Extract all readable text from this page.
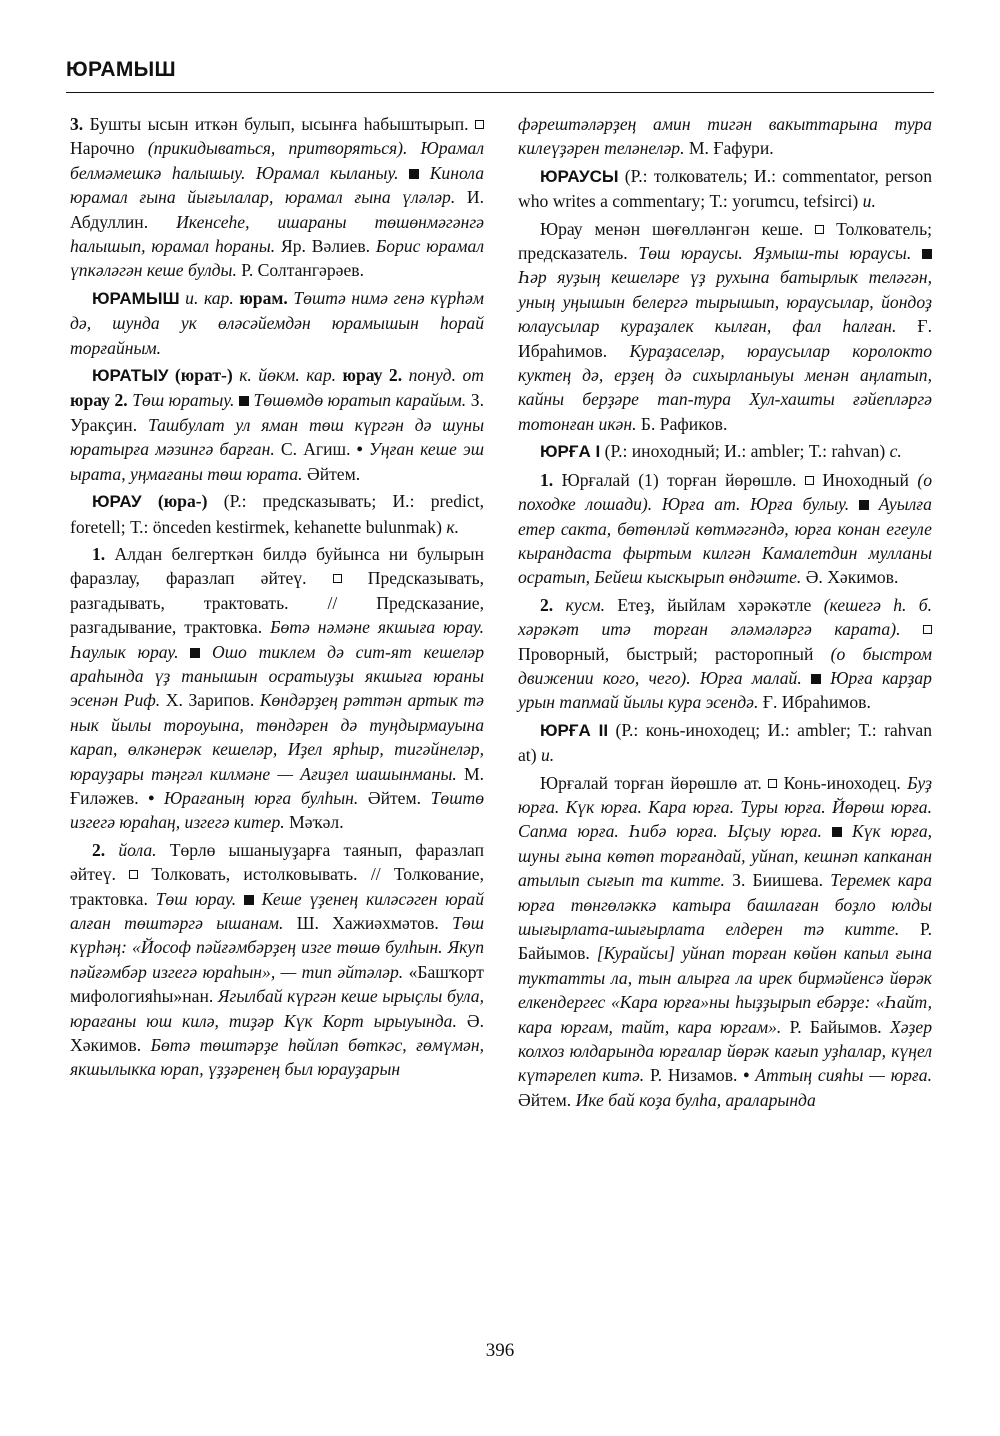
ЮРАМЫШ

3. Бушты ысын иткән булып, ысынға һабыштырып.  Нарочно (прикидываться, притворяться). Юрамал белмәмешкә һалышыу. Юрамал кыланыу. Кинола юрамал ғына йығылалар, юрамал ғына үләләр. И. Абдуллин. Икенсеһе, ишараны төшөнмәгәнгә һалышып, юрамал һораны. Яр. Вәлиев. Борис юрамал үпкәләгән кеше булды. Р. Солтангәрәев.

ЮРАМЫШ и. кар. юрам. Төштә нимә генә күрһәм дә, шунда ук өләсәйемдән юрамышын һорай торғайным.

ЮРАТЫУ (юрат-) к. йөкм. кар. юрау 2. понуд. от юрау 2. Төш юратыу. Төшөмдө юратып карайым. З. Уракҫин. Ташбулат ул яман төш күргән дә шуны юратырға мәзингә барған. С. Агиш. • Уңған кеше эш ырата, уңмағаны төш юрата. Әйтем.

ЮРАУ (юра-) (Р.: предсказывать; И.: predict, foretell; Т.: önceden kestirmek, kehanette bulunmak) к.

1. Алдан белгерткән билдә буйынса ни булырын фаразлау, фаразлап әйтеү.  Предсказывать, разгадывать, трактовать. // Предсказание, разгадывание, трактовка. Бөтә нәмәне якшыға юрау. Һаулык юрау. Ошо тиклем дә сит-ят кешеләр араһында үҙ танышын осратыуҙы якшыға юраны эсенән Риф. Х. Зарипов. Көндәрҙең рәттән артык тә нык йылы тороуына, төндәрен дә туңдырмауына карап, өлкәнерәк кешеләр, Иҙел ярһыр, тигәйнеләр, юрауҙары тәңгәл килмәне — Ағиҙел шашынманы. М. Ғиләжев. • Юрағаның юрға булһын. Әйтем. Төштө изгегә юраһаң, изгегә китер. Мәҡәл.

2. йола. Төрлө ышаныуҙарға таянып, фаразлап әйтеү.  Толковать, истолковывать. // Толкование, трактовка. Төш юрау. Кеше үҙенең киләсәген юрай алған төштәргә ышанам. Ш. Хажиәхмәтов. Төш күрһәң: «Йософ пәйғәмбәрҙең изге төшө булһын. Якуп пәйғәмбәр изгегә юраһын», — тип әйтәләр. «Башҡорт мифологияһы»нан. Ягылбай күргән кеше ырыҫлы була, юрағаны юш килә, тиҙәр Күк Корт ырыуында. Ә. Хәкимов. Бөтә төштәрҙе һөйләп бөткәс, ғөмүмән, якшылыкка юрап, үҙҙәренең был юрауҙарын

фәрештәләрҙең амин тигән вакыттарына тура килеүҙәрен теләнеләр. М. Ғафури.

ЮРАУСЫ (Р.: толкователь; И.: commentator, person who writes a commentary; Т.: yorumcu, tefsirci) и.

Юрау менән шөғөлләнгән кеше.  Толкователь; предсказатель. Төш юраусы. Яҙмыш-ты юраусы.  Һәр яуҙың кешеләре үҙ рухына батырлык теләгән, уның уңышын белергә тырышып, юраусылар, йондоҙ юлаусылар кураҙалек кылған, фал һалған. Ғ. Ибраһимов. Кураҙаселәр, юраусылар королокто куктең дә, ерҙең дә сихырланыуы менән аңлатып, кайны берҙәре тап-тура Хул-хашты ғәйепләргә тотонған икән. Б. Рафиков.

ЮРҒА I (Р.: иноходный; И.: ambler; Т.: rahvan) с.

1. Юрғалай (1) торған йөрөшлө.  Иноходный (о походке лошади). Юрға ат. Юрға булыу. Ауылға етер сакта, бөтөнләй көтмәгәндә, юрға конан егеуле кырандаста фыртым килгән Камалетдин мулланы осратып, Бейеш кыскырып өндәште. Ә. Хәкимов.

2. кусм. Етеҙ, йыйлам хәрәкәтле (кешегә һ. б. хәрәкәт итә торған әләмәләргә карата).  Проворный, быстрый; расторопный (о быстром движении кого, чего). Юрға малай. Юрға карҙар урын тапмай йылы кура эсендә. Ғ. Ибраһимов.

ЮРҒА II (Р.: конь-иноходец; И.: ambler; Т.: rahvan at) и.

Юрғалай торған йөрөшлө ат.  Конь-иноходец. Буҙ юрға. Күк юрға. Кара юрға. Туры юрға. Йөрөш юрға. Сапма юрға. Һибә юрға. Ыҫыу юрға. Күк юрға, шуны ғына көтөп торғандай, уйнап, кешнәп капканан атылып сығып та китте. З. Биишева. Теремек кара юрға төнгөләккә катыра башлаған боҙло юлды шығырлата-шығырлата елдерен тә китте. Р. Байымов. [Курайсы] уйнап торған көйөн капыл ғына туктатты ла, тын алырға ла ирек бирмәйенсә йөрәк елкендергес «Кара юрға»ны һыҙҙырып ебәрҙе: «Һайт, кара юргам, тайт, кара юргам». Р. Байымов. Хәҙер колхоз юлдарында юрғалар йөрәк кағып уҙһалар, күңел күтәрелеп китә. Р. Низамов. • Аттың сияһы — юрға. Әйтем. Ике бай коҙа булһа, араларында

396
